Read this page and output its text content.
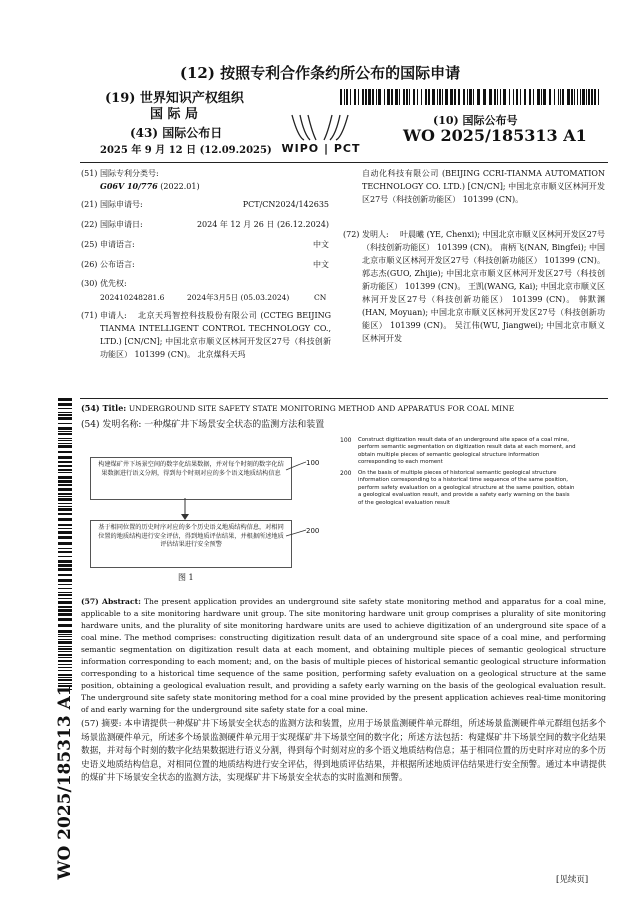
(12) 按照专利合作条约所公布的国际申请
(19) 世界知识产权组织
国 际 局
(43) 国际公布日
2025 年 9 月 12 日 (12.09.2025) WIPO | PCT
(10) 国际公布号
WO 2025/185313 A1
(51) 国际专利分类号:
G06V 10/776 (2022.01)
(21) 国际申请号:	PCT/CN2024/142635
(22) 国际申请日:	2024 年 12 月 26 日 (26.12.2024)
(25) 申请语言:	中文
(26) 公布语言:	中文
(30) 优先权:
202410248281.6	2024年3月5日 (05.03.2024)	CN
(71) 申请人:	北京天玛智控科技股份有限公司 (CCTEG BEIJING TIANMA INTELLIGENT CONTROL TECHNOLOGY CO., LTD.) [CN/CN]; 中国北京市顺义区林河开发区27号（科技创新功能区） 101399 (CN)。 北京煤科天玛
自动化科技有限公司 (BEIJING CCRI-TIANMA AUTOMATION TECHNOLOGY CO. LTD.) [CN/CN]; 中国北京市顺义区林河开发区27号（科技创新功能区） 101399 (CN)。
(72) 发明人:	叶晨曦 (YE, Chenxi); 中国北京市顺义区林河开发区27号（科技创新功能区） 101399 (CN)。 南柄飞(NAN, Bingfei); 中国北京市顺义区林河开发区27号（科技创新功能区） 101399 (CN)。 郭志杰(GUO, Zhijie); 中国北京市顺义区林河开发区27号（科技创新功能区） 101399 (CN)。 王凯(WANG, Kai); 中国北京市顺义区林河开发区27号（科技创新功能区） 101399 (CN)。 韩默渊(HAN, Moyuan); 中国北京市顺义区林河开发区27号（科技创新功能区） 101399 (CN)。 吴江伟(WU, Jiangwei); 中国北京市顺义区林河开发
(54) Title: UNDERGROUND SITE SAFETY STATE MONITORING METHOD AND APPARATUS FOR COAL MINE
(54) 发明名称: 一种煤矿井下场景安全状态的监测方法和装置
构建煤矿井下场景空间的数字化结果数据，并对每个时刻的数字化结果数据进行语义分割，得到每个时刻对应的多个语义地质结构信息
基于相同位置的历史时序对应的多个历史语义地质结构信息，对相同位置的地质结构进行安全评估，得到地质评估结果，并根据所述地质评估结果进行安全预警
100
200
图 1
100 Construct digitization result data of an underground site space of a coal mine, perform semantic segmentation on digitization result data at each moment, and obtain multiple pieces of semantic geological structure information corresponding to each moment
200 On the basis of multiple pieces of historical semantic geological structure information corresponding to a historical time sequence of the same position, perform safety evaluation on a geological structure at the same position, obtain a geological evaluation result, and provide a safety early warning on the basis of the geological evaluation result
(57) Abstract: The present application provides an underground site safety state monitoring method and apparatus for a coal mine, applicable to a site monitoring hardware unit group. The site monitoring hardware unit group comprises a plurality of site monitoring hardware units, and the plurality of site monitoring hardware units are used to achieve digitization of an underground site space of a coal mine. The method comprises: constructing digitization result data of an underground site space of a coal mine, and performing semantic segmentation on digitization result data at each moment, and obtaining multiple pieces of semantic geological structure information corresponding to each moment; and, on the basis of multiple pieces of historical semantic geological structure information corresponding to a historical time sequence of the same position, performing safety evaluation on a geological structure at the same position, obtaining a geological evaluation result, and providing a safety early warning on the basis of the geological evaluation result. The underground site safety state monitoring method for a coal mine provided by the present application achieves real-time monitoring of and early warning for the underground site safety state for a coal mine.
(57) 摘要: 本申请提供一种煤矿井下场景安全状态的监测方法和装置，应用于场景监测硬件单元群组，所述场景监测硬件单元群组包括多个场景监测硬件单元，所述多个场景监测硬件单元用于实现煤矿井下场景空间的数字化；所述方法包括：构建煤矿井下场景空间的数字化结果数据，并对每个时刻的数字化结果数据进行语义分割，得到每个时刻对应的多个语义地质结构信息；基于相同位置的历史时序对应的多个历史语义地质结构信息，对相同位置的地质结构进行安全评估，得到地质评估结果，并根据所述地质评估结果进行安全预警。通过本申请提供的煤矿井下场景安全状态的监测方法，实现煤矿井下场景安全状态的实时监测和预警。
WO 2025/185313 A1
[见续页]
